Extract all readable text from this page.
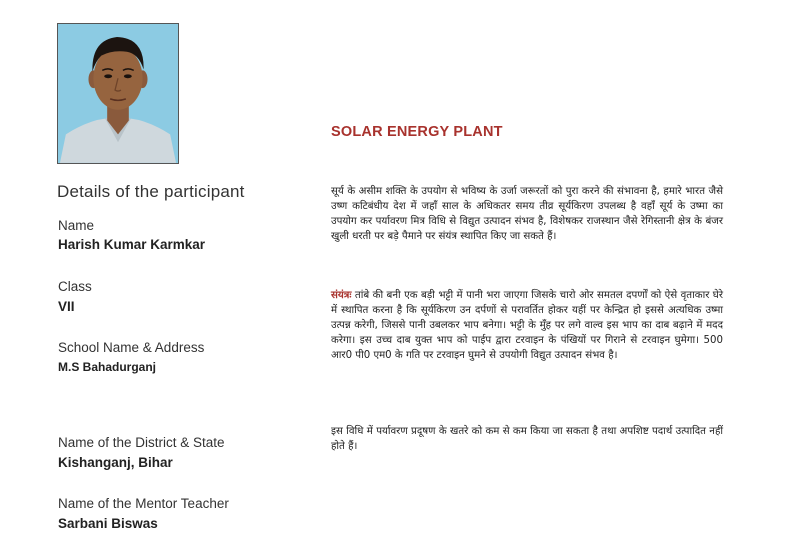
Details of the participant
Name
Harish Kumar Karmkar
Class
VII
School Name & Address
M.S Bahadurganj
Name of the District & State
Kishanganj, Bihar
Name of the Mentor Teacher
Sarbani Biswas
SOLAR ENERGY PLANT

सूर्य के असीम शक्ति के उपयोग से भविष्य के उर्जा जरूरतों को पुरा करने की संभावना है, हमारे भारत जैसे उष्ण कटिबंधीय देश में जहाँ साल के अधिकतर समय तीव्र सूर्यकिरण उपलब्ध है वहाँ सूर्य के उष्मा का उपयोग कर पर्यावरण मित्र विधि से विद्युत उत्पादन संभव है, विशेषकर राजस्थान जैसे रेगिस्तानी क्षेत्र के बंजर खुली धरती पर बड़े पैमाने पर संयंत्र स्थापित किए जा सकते हैं।

संयंत्रः तांबे की बनी एक बड़ी भट्टी में पानी भरा जाएगा जिसके चारो ओर समतल दपर्णों को ऐसे वृताकार घेरे में स्थापित करना है कि सूर्यकिरण उन दर्पणों से परावर्तित होकर यहीं पर केन्द्रित हो इससे अत्यधिक उष्मा उत्पन्न करेगी, जिससे पानी उबलकर भाप बनेगा। भट्टी के मुँह पर लगे वाल्व इस भाप का दाब बढ़ाने में मदद करेगा। इस उच्च दाब युक्त भाप को पाईप द्वारा टरवाइन के पंखियों पर गिराने से टरवाइन घुमेगा। 500 आर0 पी0 एम0 के गति पर टरवाइन घुमने से उपयोगी विद्युत उत्पादन संभव है।

इस विधि में पर्यावरण प्रदूषण के खतरे को कम से कम किया जा सकता है तथा अपशिष्ट पदार्थ उत्पादित नहीं होते हैं।
